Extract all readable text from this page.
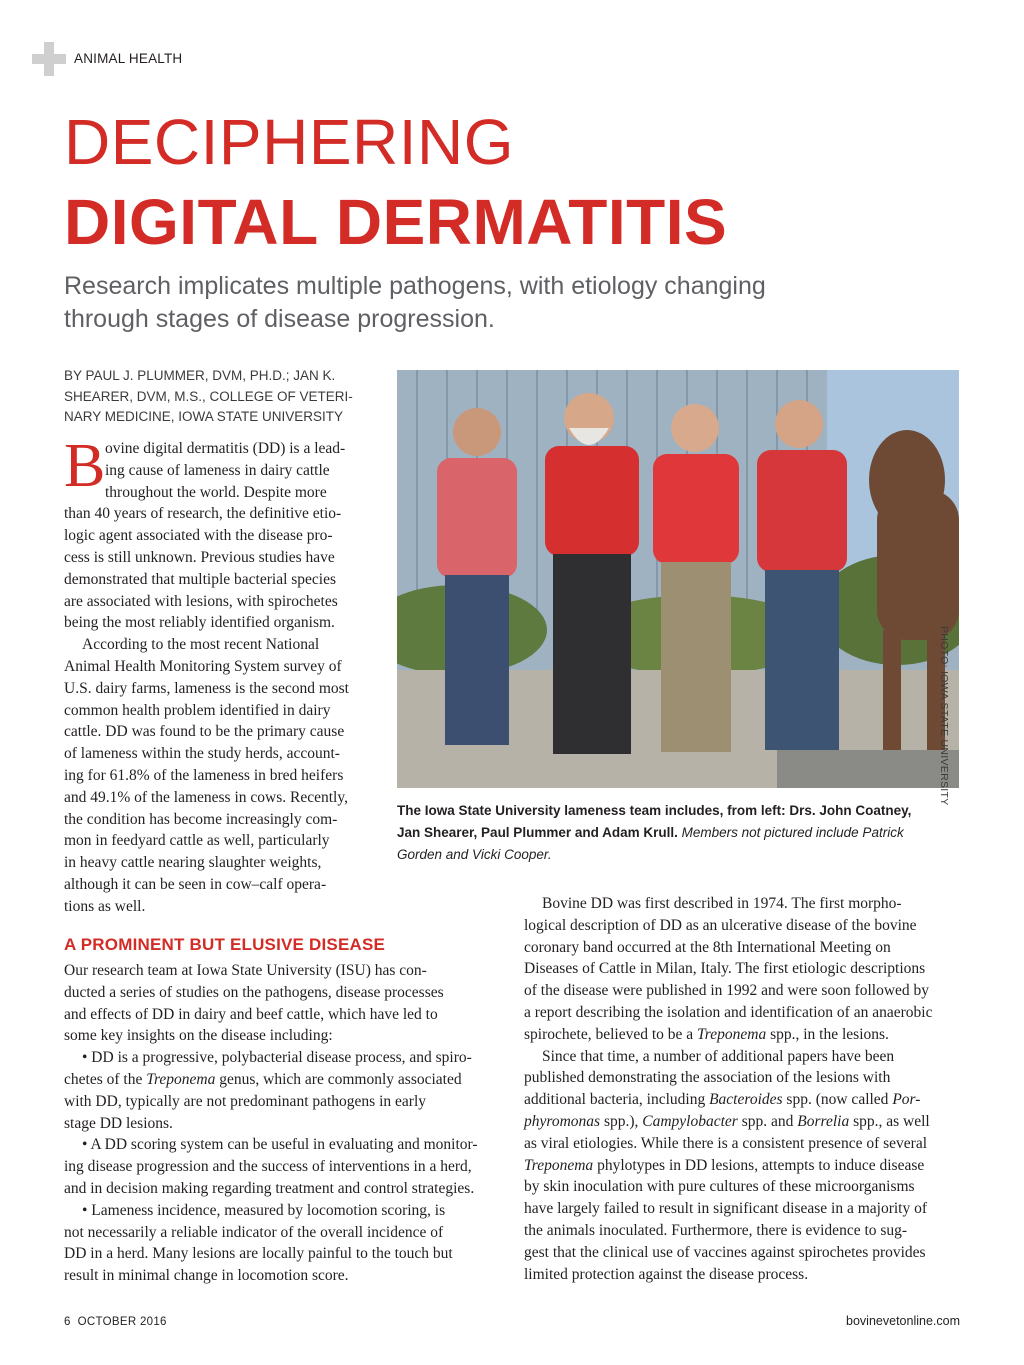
ANIMAL HEALTH
DECIPHERING
DIGITAL DERMATITIS
Research implicates multiple pathogens, with etiology changing
through stages of disease progression.
BY PAUL J. PLUMMER, DVM, PH.D.; JAN K.
SHEARER, DVM, M.S., COLLEGE OF VETERI-
NARY MEDICINE, IOWA STATE UNIVERSITY
B ovine digital dermatitis (DD) is a lead-
ing cause of lameness in dairy cattle
throughout the world. Despite more
than 40 years of research, the definitive etio-
logic agent associated with the disease pro-
cess is still unknown. Previous studies have
demonstrated that multiple bacterial species
are associated with lesions, with spirochetes
being the most reliably identified organism.
According to the most recent National
Animal Health Monitoring System survey of
U.S. dairy farms, lameness is the second most
common health problem identified in dairy
cattle. DD was found to be the primary cause
of lameness within the study herds, account-
ing for 61.8% of the lameness in bred heifers
and 49.1% of the lameness in cows. Recently,
the condition has become increasingly com-
mon in feedyard cattle as well, particularly
in heavy cattle nearing slaughter weights,
although it can be seen in cow–calf opera-
tions as well.
A PROMINENT BUT ELUSIVE DISEASE
Our research team at Iowa State University (ISU) has con-
ducted a series of studies on the pathogens, disease processes
and effects of DD in dairy and beef cattle, which have led to
some key insights on the disease including:
• DD is a progressive, polybacterial disease process, and spiro-
chetes of the Treponema genus, which are commonly associated
with DD, typically are not predominant pathogens in early
stage DD lesions.
• A DD scoring system can be useful in evaluating and monitor-
ing disease progression and the success of interventions in a herd,
and in decision making regarding treatment and control strategies.
• Lameness incidence, measured by locomotion scoring, is
not necessarily a reliable indicator of the overall incidence of
DD in a herd. Many lesions are locally painful to the touch but
result in minimal change in locomotion score.
Bovine DD was first described in 1974. The first morpho-
logical description of DD as an ulcerative disease of the bovine
coronary band occurred at the 8th International Meeting on
Diseases of Cattle in Milan, Italy. The first etiologic descriptions
of the disease were published in 1992 and were soon followed by
a report describing the isolation and identification of an anaerobic
spirochete, believed to be a Treponema spp., in the lesions.
Since that time, a number of additional papers have been
published demonstrating the association of the lesions with
additional bacteria, including Bacteroides spp. (now called Por-
phyromonas spp.), Campylobacter spp. and Borrelia spp., as well
as viral etiologies. While there is a consistent presence of several
Treponema phylotypes in DD lesions, attempts to induce disease
by skin inoculation with pure cultures of these microorganisms
have largely failed to result in significant disease in a majority of
the animals inoculated. Furthermore, there is evidence to sug-
gest that the clinical use of vaccines against spirochetes provides
limited protection against the disease process.
PHOTO: IOWA STATE UNIVERSITY
The Iowa State University lameness team includes, from left: Drs. John Coatney,
Jan Shearer, Paul Plummer and Adam Krull. Members not pictured include Patrick
Gorden and Vicki Cooper.
6  OCTOBER 2016	bovinevetonline.com
